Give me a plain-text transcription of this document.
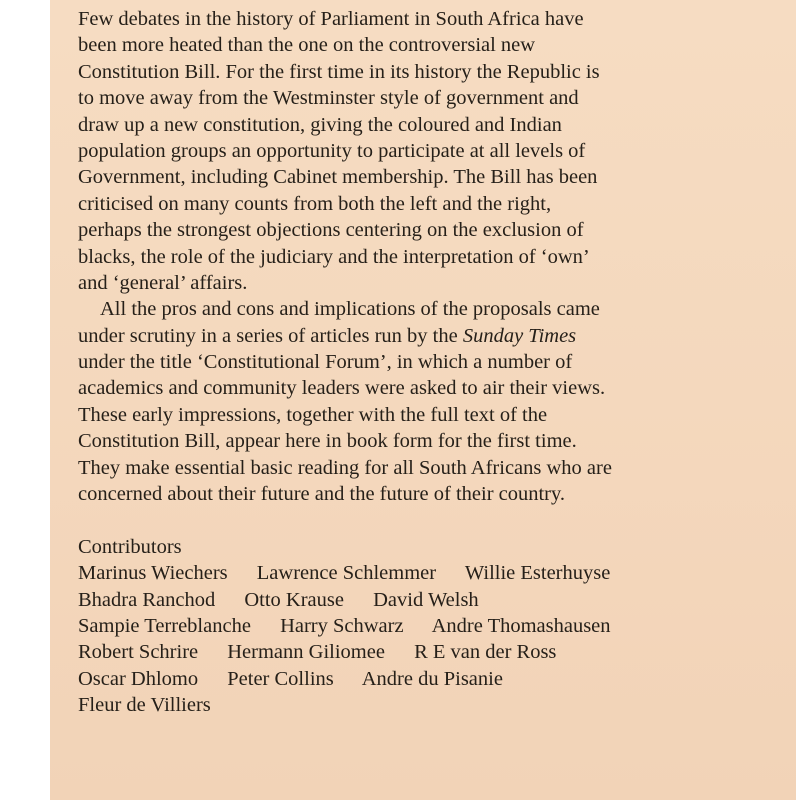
Few debates in the history of Parliament in South Africa have
been more heated than the one on the controversial new
Constitution Bill. For the first time in its history the Republic is
to move away from the Westminster style of government and
draw up a new constitution, giving the coloured and Indian
population groups an opportunity to participate at all levels of
Government, including Cabinet membership. The Bill has been
criticised on many counts from both the left and the right,
perhaps the strongest objections centering on the exclusion of
blacks, the role of the judiciary and the interpretation of ‘own’
and ‘general’ affairs.
All the pros and cons and implications of the proposals came
under scrutiny in a series of articles run by the Sunday Times
under the title ‘Constitutional Forum’, in which a number of
academics and community leaders were asked to air their views.
These early impressions, together with the full text of the
Constitution Bill, appear here in book form for the first time.
They make essential basic reading for all South Africans who are
concerned about their future and the future of their country.
Contributors
Marinus Wiechers Lawrence Schlemmer Willie Esterhuyse
Bhadra Ranchod Otto Krause David Welsh
Sampie Terreblanche Harry Schwarz Andre Thomashausen
Robert Schrire Hermann Giliomee R E van der Ross
Oscar Dhlomo Peter Collins Andre du Pisanie
Fleur de Villiers
